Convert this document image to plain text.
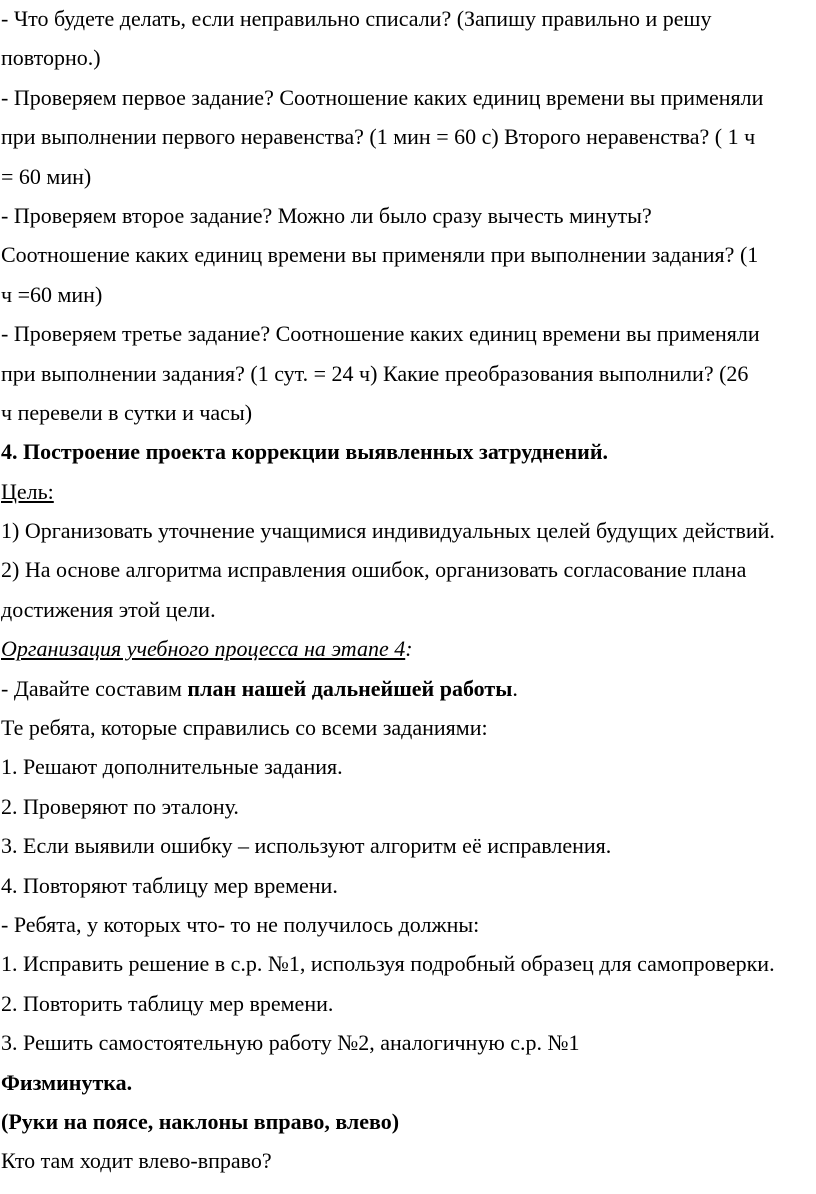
- Что будете делать, если неправильно списали? (Запишу правильно и решу
повторно.)
- Проверяем первое задание? Соотношение каких единиц времени вы применяли
при выполнении первого неравенства? (1 мин = 60 с) Второго неравенства? ( 1 ч
= 60 мин)
- Проверяем второе задание? Можно ли было сразу вычесть минуты?
Соотношение каких единиц времени вы применяли при выполнении задания? (1
ч =60 мин)
- Проверяем третье задание? Соотношение каких единиц времени вы применяли
при выполнении задания? (1 сут. = 24 ч) Какие преобразования выполнили? (26
ч перевели в сутки и часы)
4. Построение проекта коррекции выявленных затруднений.
Цель:
1) Организовать уточнение учащимися индивидуальных целей будущих действий.
2) На основе алгоритма исправления ошибок, организовать согласование плана
достижения этой цели.
Организация учебного процесса на этапе 4:
- Давайте составим план нашей дальнейшей работы.
Те ребята, которые справились со всеми заданиями:
1. Решают дополнительные задания.
2. Проверяют по эталону.
3. Если выявили ошибку – используют алгоритм её исправления.
4. Повторяют таблицу мер времени.
- Ребята, у которых что- то не получилось должны:
1. Исправить решение в с.р. №1, используя подробный образец для самопроверки.
2. Повторить таблицу мер времени.
3. Решить самостоятельную работу №2, аналогичную с.р. №1
Физминутка.
(Руки на поясе, наклоны вправо, влево)
Кто там ходит влево-вправо?
